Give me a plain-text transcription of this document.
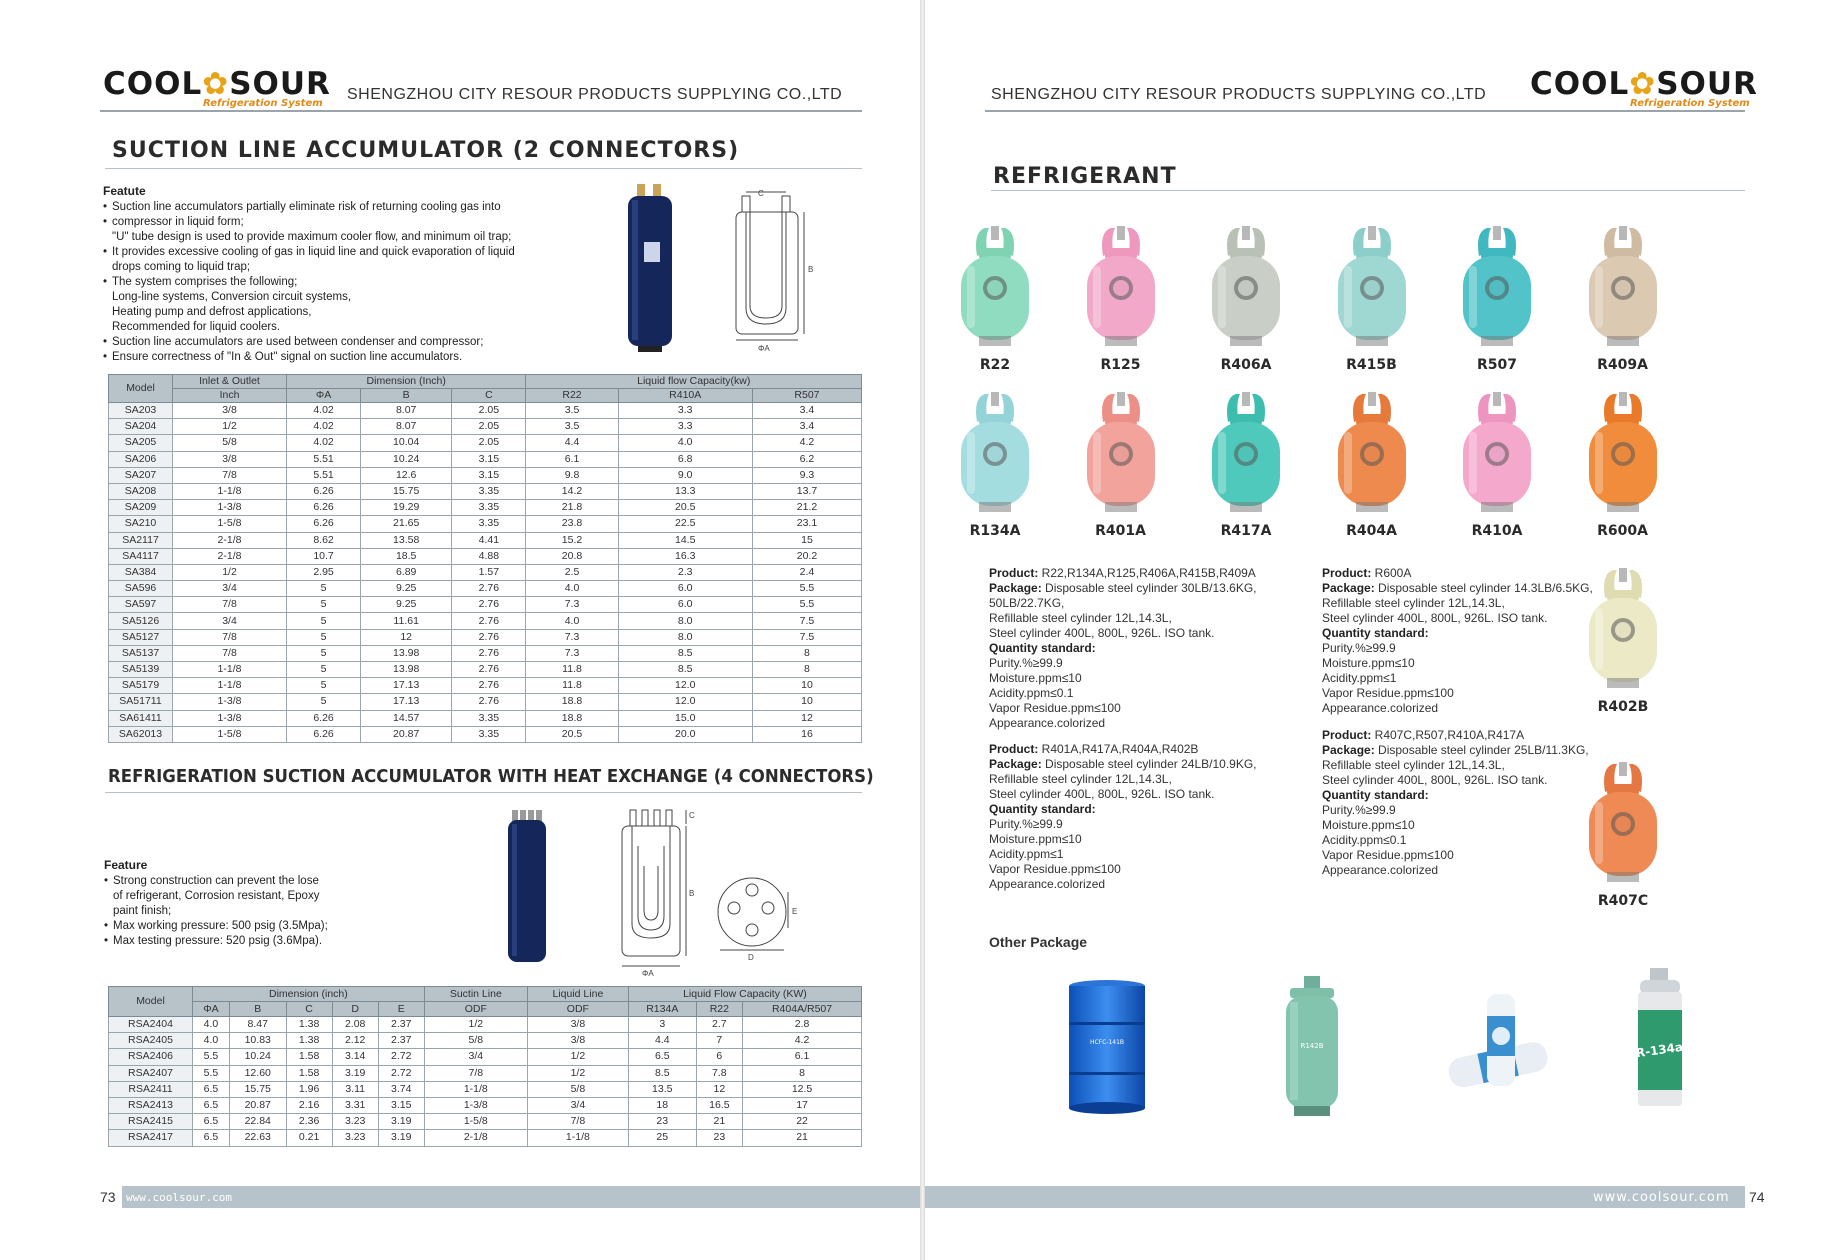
COOL✿SOUR
Refrigeration System
SHENGZHOU CITY RESOUR PRODUCTS SUPPLYING CO.,LTD
SUCTION LINE ACCUMULATOR (2 CONNECTORS)
Featute
• Suction line accumulators partially eliminate risk of returning cooling gas into
• compressor in liquid form;
"U" tube design is used to provide maximum cooler flow, and minimum oil trap;
• It provides excessive cooling of gas in liquid line and quick evaporation of liquid
drops coming to liquid trap;
• The system comprises the following;
Long-line systems, Conversion circuit systems,
Heating pump and defrost applications,
Recommended for liquid coolers.
• Suction line accumulators are used between condenser and compressor;
• Ensure correctness of "In & Out" signal on suction line accumulators.
C
B
ΦA
Model	Inlet & Outlet	Dimension (Inch)			Liquid flow Capacity(kw)		
	Inch	ΦA	B	C	R22	R410A	R507
SA203	3/8	4.02	8.07	2.05	3.5	3.3	3.4
SA204	1/2	4.02	8.07	2.05	3.5	3.3	3.4
SA205	5/8	4.02	10.04	2.05	4.4	4.0	4.2
SA206	3/8	5.51	10.24	3.15	6.1	6.8	6.2
SA207	7/8	5.51	12.6	3.15	9.8	9.0	9.3
SA208	1-1/8	6.26	15.75	3.35	14.2	13.3	13.7
SA209	1-3/8	6.26	19.29	3.35	21.8	20.5	21.2
SA210	1-5/8	6.26	21.65	3.35	23.8	22.5	23.1
SA2117	2-1/8	8.62	13.58	4.41	15.2	14.5	15
SA4117	2-1/8	10.7	18.5	4.88	20.8	16.3	20.2
SA384	1/2	2.95	6.89	1.57	2.5	2.3	2.4
SA596	3/4	5	9.25	2.76	4.0	6.0	5.5
SA597	7/8	5	9.25	2.76	7.3	6.0	5.5
SA5126	3/4	5	11.61	2.76	4.0	8.0	7.5
SA5127	7/8	5	12	2.76	7.3	8.0	7.5
SA5137	7/8	5	13.98	2.76	7.3	8.5	8
SA5139	1-1/8	5	13.98	2.76	11.8	8.5	8
SA5179	1-1/8	5	17.13	2.76	11.8	12.0	10
SA51711	1-3/8	5	17.13	2.76	18.8	12.0	10
SA61411	1-3/8	6.26	14.57	3.35	18.8	15.0	12
SA62013	1-5/8	6.26	20.87	3.35	20.5	20.0	16
REFRIGERATION SUCTION ACCUMULATOR WITH HEAT EXCHANGE (4 CONNECTORS)
Feature
• Strong construction can prevent the lose
of refrigerant, Corrosion resistant, Epoxy
paint finish;
• Max working pressure: 500 psig (3.5Mpa);
• Max testing pressure: 520 psig (3.6Mpa).
C
B
ΦA
E
D
Model	Dimension (inch)					Suctin Line	Liquid Line	Liquid Flow Capacity (KW)		
	ΦA	B	C	D	E	ODF	ODF	R134A	R22	R404A/R507
RSA2404	4.0	8.47	1.38	2.08	2.37	1/2	3/8	3	2.7	2.8
RSA2405	4.0	10.83	1.38	2.12	2.37	5/8	3/8	4.4	7	4.2
RSA2406	5.5	10.24	1.58	3.14	2.72	3/4	1/2	6.5	6	6.1
RSA2407	5.5	12.60	1.58	3.19	2.72	7/8	1/2	8.5	7.8	8
RSA2411	6.5	15.75	1.96	3.11	3.74	1-1/8	5/8	13.5	12	12.5
RSA2413	6.5	20.87	2.16	3.31	3.15	1-3/8	3/4	18	16.5	17
RSA2415	6.5	22.84	2.36	3.23	3.19	1-5/8	7/8	23	21	22
RSA2417	6.5	22.63	0.21	3.23	3.19	2-1/8	1-1/8	25	23	21
73 www.coolsour.com
SHENGZHOU CITY RESOUR PRODUCTS SUPPLYING CO.,LTD COOL✿SOUR
Refrigeration System
REFRIGERANT
R22	R125	R406A	R415B	R507	R409A
R134A	R401A	R417A	R404A	R410A	R600A
R402B
R407C
Product: R22,R134A,R125,R406A,R415B,R409A
Package: Disposable steel cylinder 30LB/13.6KG,
50LB/22.7KG,
Refillable steel cylinder 12L,14.3L,
Steel cylinder 400L, 800L, 926L. ISO tank.
Quantity standard:
Purity.%≥99.9
Moisture.ppm≤10
Acidity.ppm≤0.1
Vapor Residue.ppm≤100
Appearance.colorized
Product: R600A
Package: Disposable steel cylinder 14.3LB/6.5KG,
Refillable steel cylinder 12L,14.3L,
Steel cylinder 400L, 800L, 926L. ISO tank.
Quantity standard:
Purity.%≥99.9
Moisture.ppm≤10
Acidity.ppm≤1
Vapor Residue.ppm≤100
Appearance.colorized
Product: R401A,R417A,R404A,R402B
Package: Disposable steel cylinder 24LB/10.9KG,
Refillable steel cylinder 12L,14.3L,
Steel cylinder 400L, 800L, 926L. ISO tank.
Quantity standard:
Purity.%≥99.9
Moisture.ppm≤10
Acidity.ppm≤1
Vapor Residue.ppm≤100
Appearance.colorized
Product: R407C,R507,R410A,R417A
Package: Disposable steel cylinder 25LB/11.3KG,
Refillable steel cylinder 12L,14.3L,
Steel cylinder 400L, 800L, 926L. ISO tank.
Quantity standard:
Purity.%≥99.9
Moisture.ppm≤10
Acidity.ppm≤0.1
Vapor Residue.ppm≤100
Appearance.colorized
Other Package
HCFC-141B	R142B	R-134a
www.coolsour.com 74
